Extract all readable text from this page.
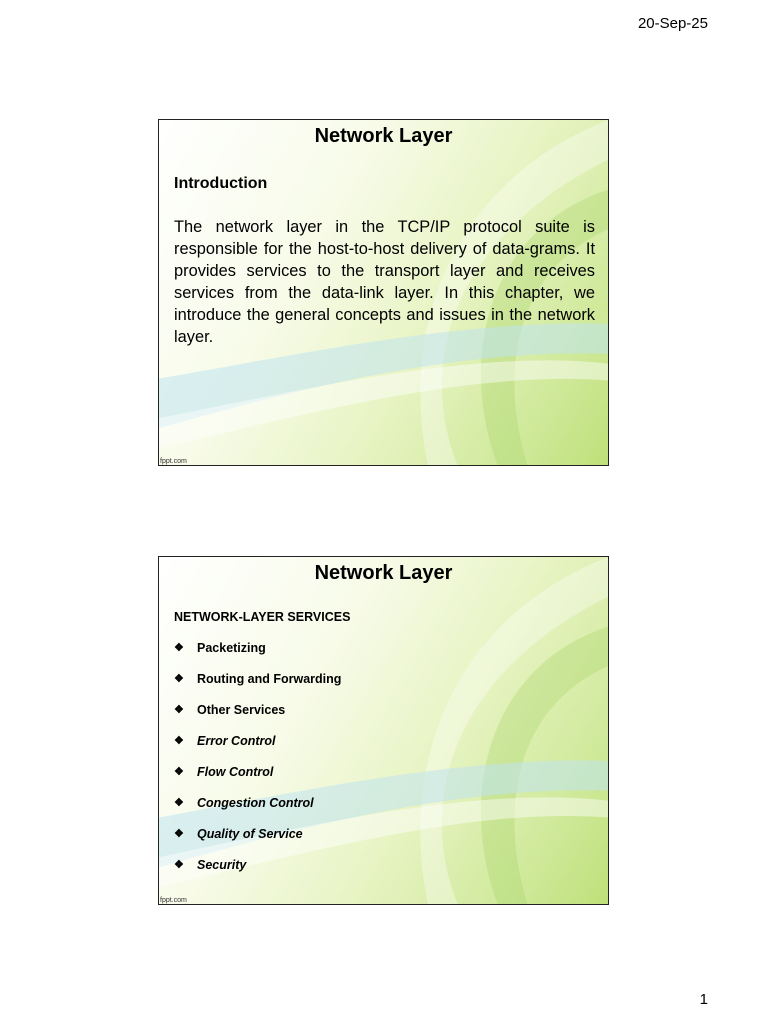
20-Sep-25
Network Layer
Introduction
The network layer in the TCP/IP protocol suite is responsible for the host-to-host delivery of data-grams. It provides services to the transport layer and receives services from the data-link layer. In this chapter, we introduce the general concepts and issues in the network layer.
fppt.com
Network Layer
NETWORK-LAYER SERVICES
❖	Packetizing
❖	Routing and Forwarding
❖	Other Services
❖	Error Control
❖	Flow Control
❖	Congestion Control
❖	Quality of Service
❖	Security
fppt.com
1
